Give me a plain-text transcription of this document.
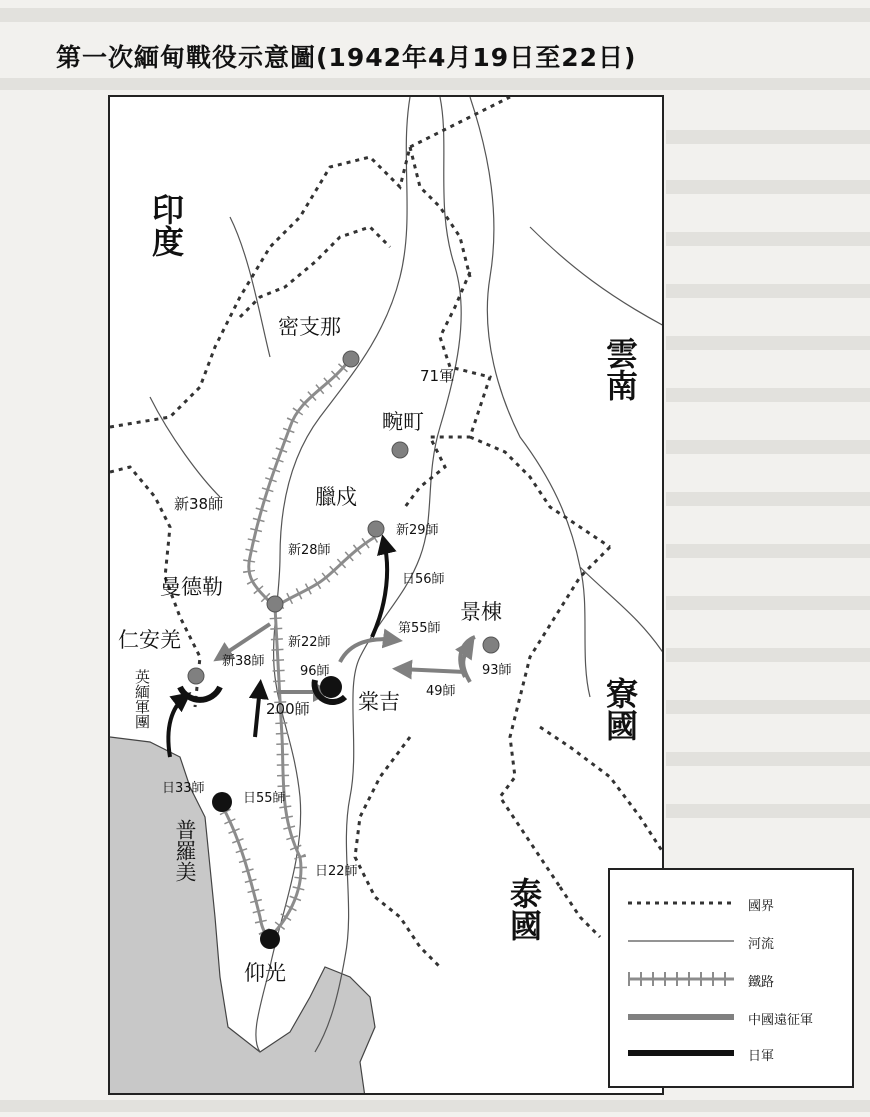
第一次緬甸戰役示意圖(1942年4月19日至22日)
印度
雲南
寮國
泰國
密支那
畹町
臘戍
曼德勒
仁安羌
景棟
棠吉
普羅美
仰光
71軍
新38師
新28師
新29師
日56師
第55師
93師
49師
新22師
新38師
96師
200師
英緬軍團
日33師
日55師
日22師
國界
河流
鐵路
中國遠征軍
日軍
